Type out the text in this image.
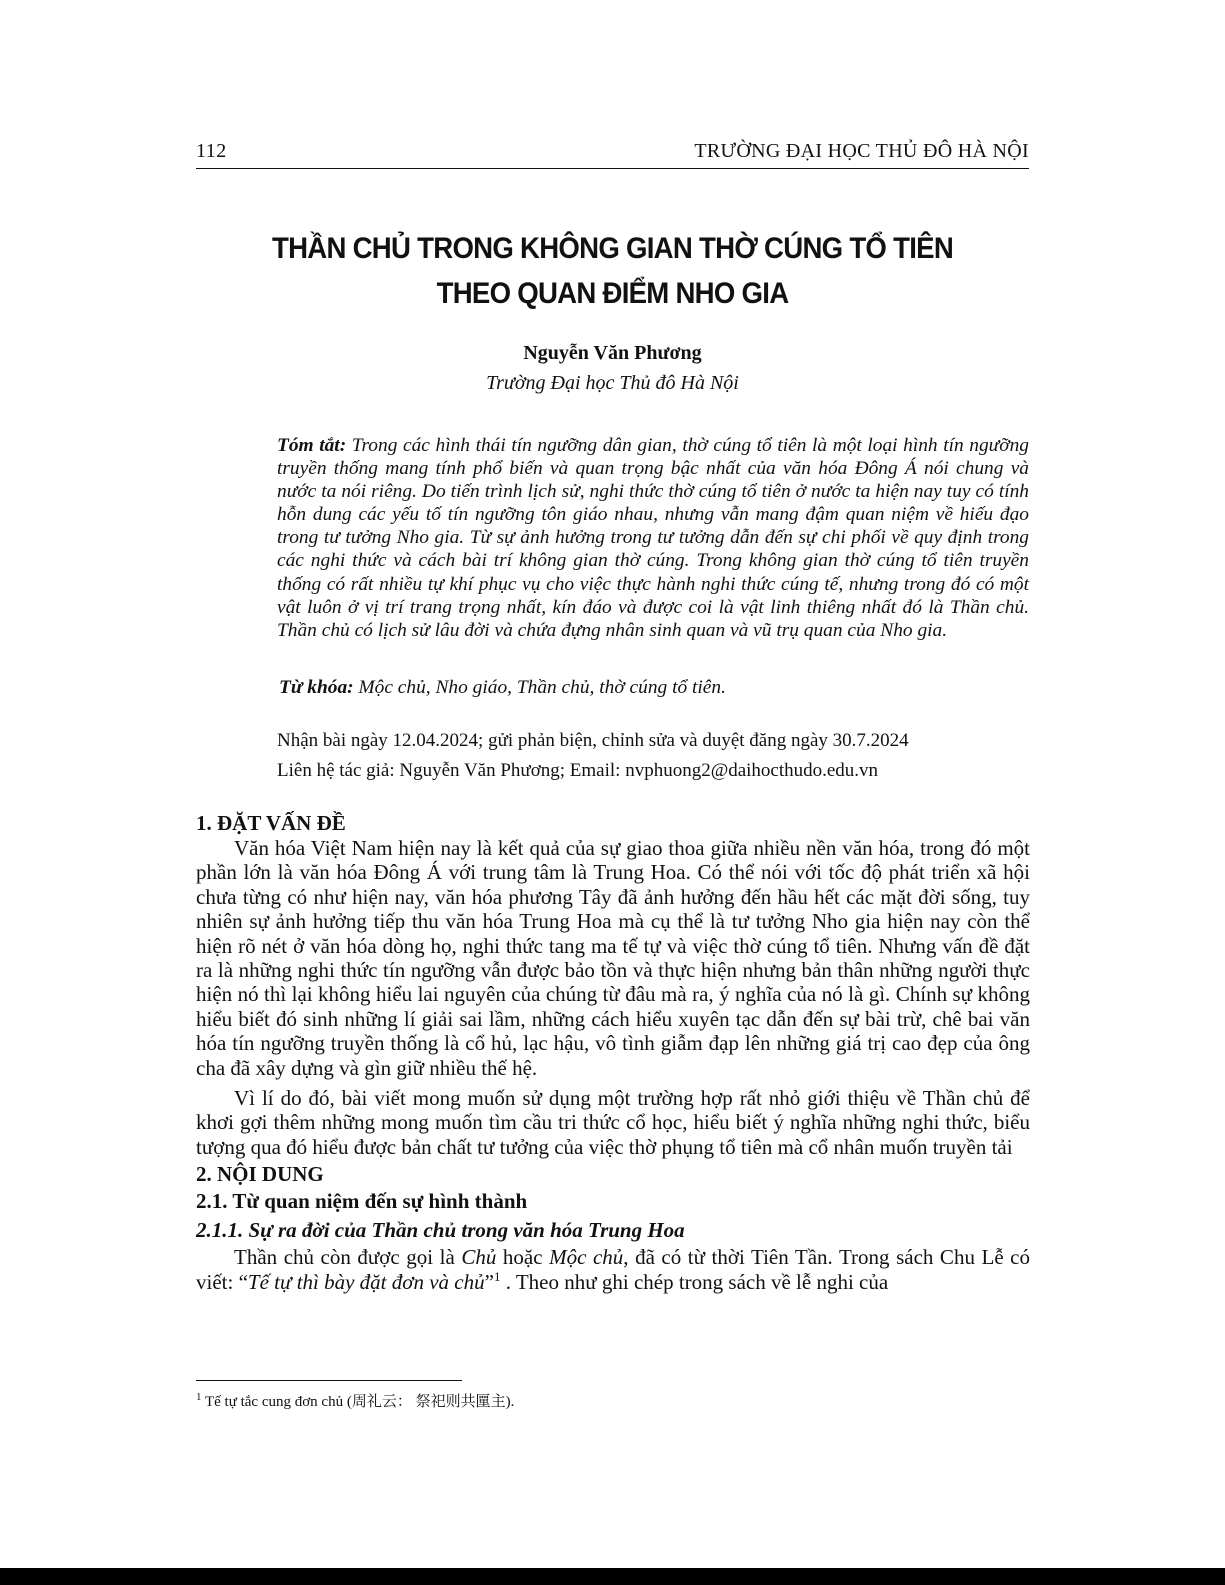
112	TRƯỜNG ĐẠI HỌC THỦ ĐÔ HÀ NỘI
THẦN CHỦ TRONG KHÔNG GIAN THỜ CÚNG TỔ TIÊN
THEO QUAN ĐIỂM NHO GIA
Nguyễn Văn Phương
Trường Đại học Thủ đô Hà Nội
Tóm tắt: Trong các hình thái tín ngưỡng dân gian, thờ cúng tổ tiên là một loại hình tín ngưỡng truyền thống mang tính phổ biến và quan trọng bậc nhất của văn hóa Đông Á nói chung và nước ta nói riêng. Do tiến trình lịch sử, nghi thức thờ cúng tổ tiên ở nước ta hiện nay tuy có tính hỗn dung các yếu tố tín ngưỡng tôn giáo nhau, nhưng vẫn mang đậm quan niệm về hiếu đạo trong tư tưởng Nho gia. Từ sự ảnh hưởng trong tư tưởng dẫn đến sự chi phối về quy định trong các nghi thức và cách bài trí không gian thờ cúng. Trong không gian thờ cúng tổ tiên truyền thống có rất nhiều tự khí phục vụ cho việc thực hành nghi thức cúng tế, nhưng trong đó có một vật luôn ở vị trí trang trọng nhất, kín đáo và được coi là vật linh thiêng nhất đó là Thần chủ. Thần chủ có lịch sử lâu đời và chứa đựng nhân sinh quan và vũ trụ quan của Nho gia.
Từ khóa: Mộc chủ, Nho giáo, Thần chủ, thờ cúng tổ tiên.
Nhận bài ngày 12.04.2024; gửi phản biện, chỉnh sửa và duyệt đăng ngày 30.7.2024
Liên hệ tác giả: Nguyễn Văn Phương; Email: nvphuong2@daihocthudo.edu.vn
1. ĐẶT VẤN ĐỀ

Văn hóa Việt Nam hiện nay là kết quả của sự giao thoa giữa nhiều nền văn hóa, trong đó một phần lớn là văn hóa Đông Á với trung tâm là Trung Hoa. Có thể nói với tốc độ phát triển xã hội chưa từng có như hiện nay, văn hóa phương Tây đã ảnh hưởng đến hầu hết các mặt đời sống, tuy nhiên sự ảnh hưởng tiếp thu văn hóa Trung Hoa mà cụ thể là tư tưởng Nho gia hiện nay còn thể hiện rõ nét ở văn hóa dòng họ, nghi thức tang ma tế tự và việc thờ cúng tổ tiên. Nhưng vấn đề đặt ra là những nghi thức tín ngưỡng vẫn được bảo tồn và thực hiện nhưng bản thân những người thực hiện nó thì lại không hiểu lai nguyên của chúng từ đâu mà ra, ý nghĩa của nó là gì. Chính sự không hiểu biết đó sinh những lí giải sai lầm, những cách hiểu xuyên tạc dẫn đến sự bài trừ, chê bai văn hóa tín ngưỡng truyền thống là cổ hủ, lạc hậu, vô tình giẫm đạp lên những giá trị cao đẹp của ông cha đã xây dựng và gìn giữ nhiều thế hệ.

Vì lí do đó, bài viết mong muốn sử dụng một trường hợp rất nhỏ giới thiệu về Thần chủ để khơi gợi thêm những mong muốn tìm cầu tri thức cổ học, hiểu biết ý nghĩa những nghi thức, biểu tượng qua đó hiểu được bản chất tư tưởng của việc thờ phụng tổ tiên mà cổ nhân muốn truyền tải

2. NỘI DUNG
2.1. Từ quan niệm đến sự hình thành
2.1.1. Sự ra đời của Thần chủ trong văn hóa Trung Hoa

Thần chủ còn được gọi là Chủ hoặc Mộc chủ, đã có từ thời Tiên Tần. Trong sách Chu Lễ có viết: “Tế tự thì bày đặt đơn và chủ”$^1$ . Theo như ghi chép trong sách về lễ nghi của

$^1$ Tế tự tắc cung đơn chủ (周礼云： 祭祀则共匰主).
